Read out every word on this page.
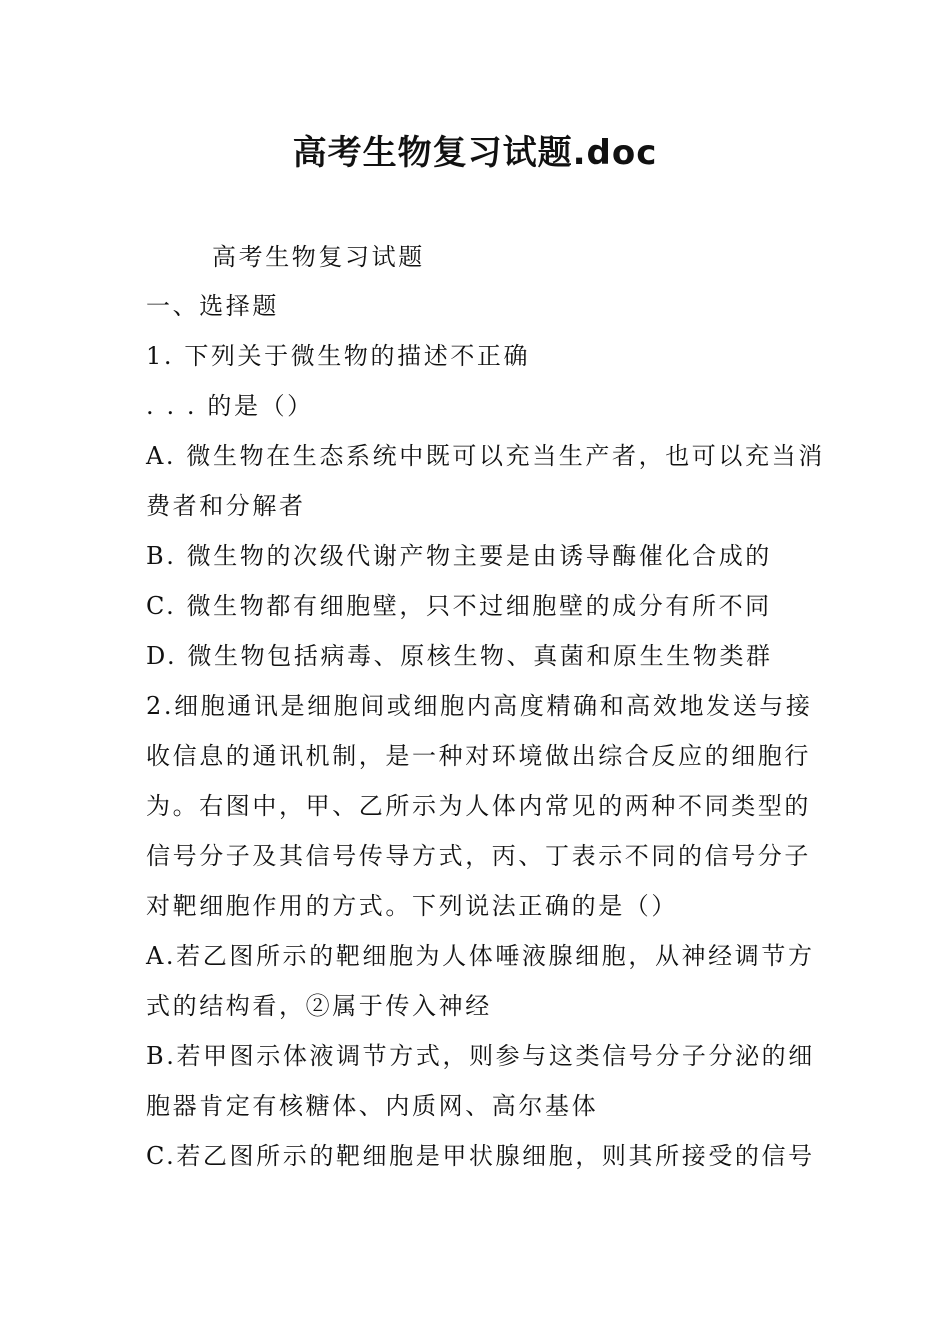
高考生物复习试题.doc
高考生物复习试题
一、选择题
1. 下列关于微生物的描述不正确
. . . 的是（）
A. 微生物在生态系统中既可以充当生产者，也可以充当消
费者和分解者
B. 微生物的次级代谢产物主要是由诱导酶催化合成的
C. 微生物都有细胞壁，只不过细胞壁的成分有所不同
D. 微生物包括病毒、原核生物、真菌和原生生物类群
2.细胞通讯是细胞间或细胞内高度精确和高效地发送与接
收信息的通讯机制，是一种对环境做出综合反应的细胞行
为。右图中，甲、乙所示为人体内常见的两种不同类型的
信号分子及其信号传导方式，丙、丁表示不同的信号分子
对靶细胞作用的方式。下列说法正确的是（）
A.若乙图所示的靶细胞为人体唾液腺细胞，从神经调节方
式的结构看，②属于传入神经
B.若甲图示体液调节方式，则参与这类信号分子分泌的细
胞器肯定有核糖体、内质网、高尔基体
C.若乙图所示的靶细胞是甲状腺细胞，则其所接受的信号
